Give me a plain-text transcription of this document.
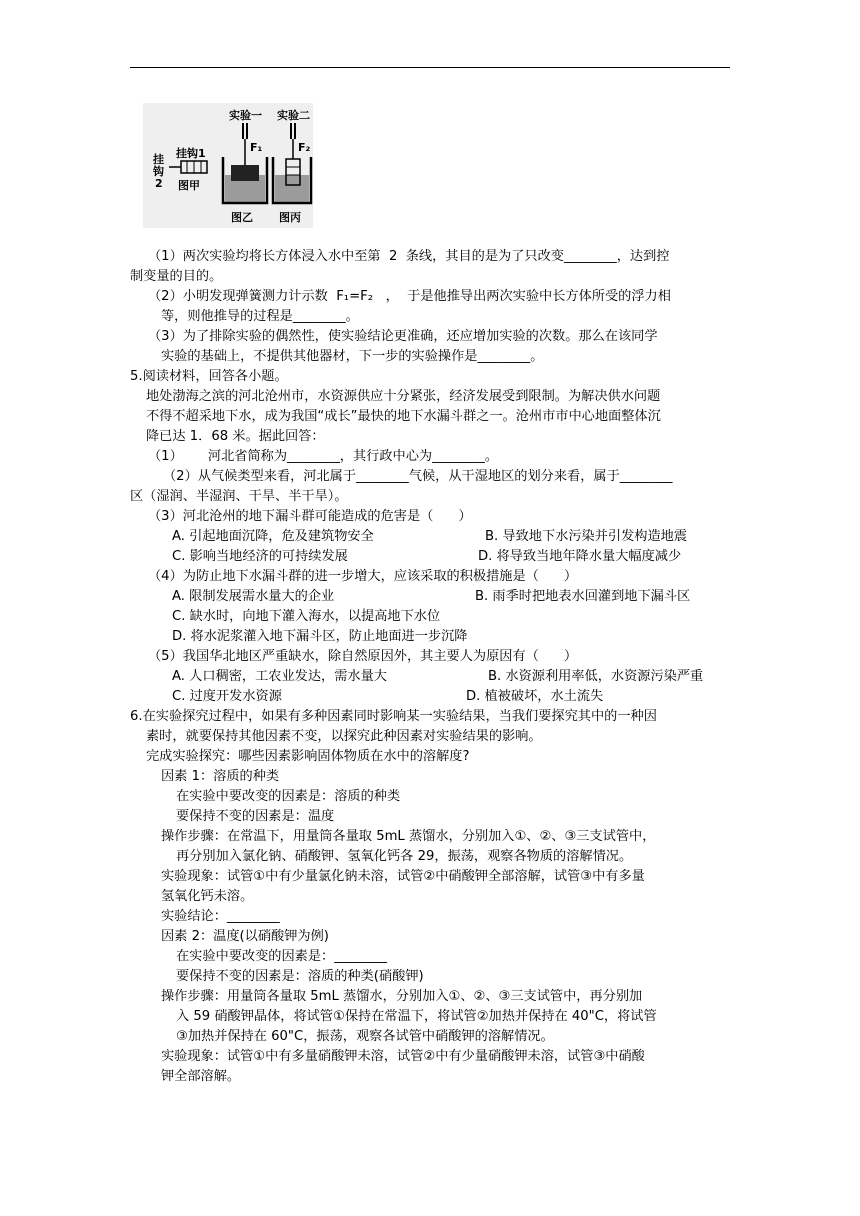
挂钩1
挂
钩
2 图甲
实验一
F₁
图乙
实验二
F₂
图丙
（1）两次实验均将长方体浸入水中至第  2  条线，其目的是为了只改变________，达到控
制变量的目的。
（2）小明发现弹簧测力计示数  F₁=F₂   ，  于是他推导出两次实验中长方体所受的浮力相
等，则他推导的过程是________。
（3）为了排除实验的偶然性，使实验结论更准确，还应增加实验的次数。那么在该同学
实验的基础上，不提供其他器材，下一步的实验操作是________。
5.阅读材料，回答各小题。
地处渤海之滨的河北沧州市，水资源供应十分紧张，经济发展受到限制。为解决供水问题
不得不超采地下水，成为我国“成长”最快的地下水漏斗群之一。沧州市市中心地面整体沉
降已达 1．68 米。据此回答：
（1）      河北省简称为________，其行政中心为________。
（2）从气候类型来看，河北属于________气候，从干湿地区的划分来看，属于________
区（湿润、半湿润、干旱、半干旱）。
（3）河北沧州的地下漏斗群可能造成的危害是（      ）
A. 引起地面沉降，危及建筑物安全	B. 导致地下水污染并引发构造地震
C. 影响当地经济的可持续发展	D. 将导致当地年降水量大幅度减少
（4）为防止地下水漏斗群的进一步增大，应该采取的积极措施是（      ）
A. 限制发展需水量大的企业	B. 雨季时把地表水回灌到地下漏斗区
C. 缺水时，向地下灌入海水，以提高地下水位
D. 将水泥浆灌入地下漏斗区，防止地面进一步沉降
（5）我国华北地区严重缺水，除自然原因外，其主要人为原因有（      ）
A. 人口稠密，工农业发达，需水量大	B. 水资源利用率低，水资源污染严重
C. 过度开发水资源	D. 植被破坏，水土流失
6.在实验探究过程中，如果有多种因素同时影响某一实验结果，当我们要探究其中的一种因
素时，就要保持其他因素不变，以探究此种因素对实验结果的影响。
完成实验探究：哪些因素影响固体物质在水中的溶解度?
因素 1：溶质的种类
在实验中要改变的因素是：溶质的种类
要保持不变的因素是：温度
操作步骤：在常温下，用量筒各量取 5mL 蒸馏水，分别加入①、②、③三支试管中，
再分别加入氯化钠、硝酸钾、氢氧化钙各 29，振荡，观察各物质的溶解情况。
实验现象：试管①中有少量氯化钠未溶，试管②中硝酸钾全部溶解，试管③中有多量
氢氧化钙未溶。
实验结论：________
因素 2：温度(以硝酸钾为例)
在实验中要改变的因素是：________
要保持不变的因素是：溶质的种类(硝酸钾)
操作步骤：用量筒各量取 5mL 蒸馏水，分别加入①、②、③三支试管中，再分别加
入 59 硝酸钾晶体，将试管①保持在常温下，将试管②加热并保持在 40"C，将试管
③加热并保持在 60"C，振荡，观察各试管中硝酸钾的溶解情况。
实验现象：试管①中有多量硝酸钾未溶，试管②中有少量硝酸钾未溶，试管③中硝酸
钾全部溶解。
